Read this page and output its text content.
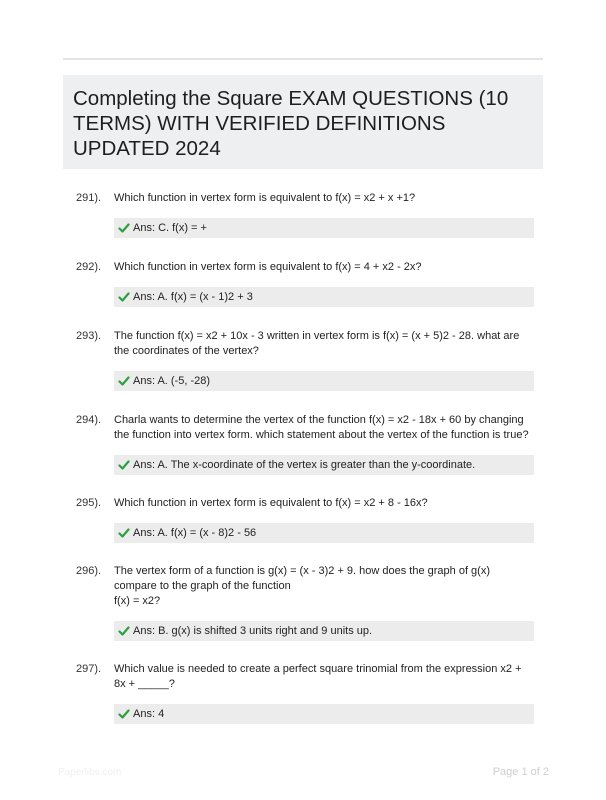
Completing the Square EXAM QUESTIONS (10 TERMS) WITH VERIFIED DEFINITIONS UPDATED 2024
291).	Which function in vertex form is equivalent to f(x) = x2 + x +1?
Ans: C. f(x) = +
292).	Which function in vertex form is equivalent to f(x) = 4 + x2 - 2x?
Ans: A. f(x) = (x - 1)2 + 3
293).	The function f(x) = x2 + 10x - 3 written in vertex form is f(x) = (x + 5)2 - 28. what are the coordinates of the vertex?
Ans: A. (-5, -28)
294).	Charla wants to determine the vertex of the function f(x) = x2 - 18x + 60 by changing the function into vertex form. which statement about the vertex of the function is true?
Ans: A. The x-coordinate of the vertex is greater than the y-coordinate.
295).	Which function in vertex form is equivalent to f(x) = x2 + 8 - 16x?
Ans: A. f(x) = (x - 8)2 - 56
296).	The vertex form of a function is g(x) = (x - 3)2 + 9. how does the graph of g(x) compare to the graph of the function
f(x) = x2?
Ans: B. g(x) is shifted 3 units right and 9 units up.
297).	Which value is needed to create a perfect square trinomial from the expression x2 + 8x + _____?
Ans: 4
Paperlibs.com	Page 1 of 2
